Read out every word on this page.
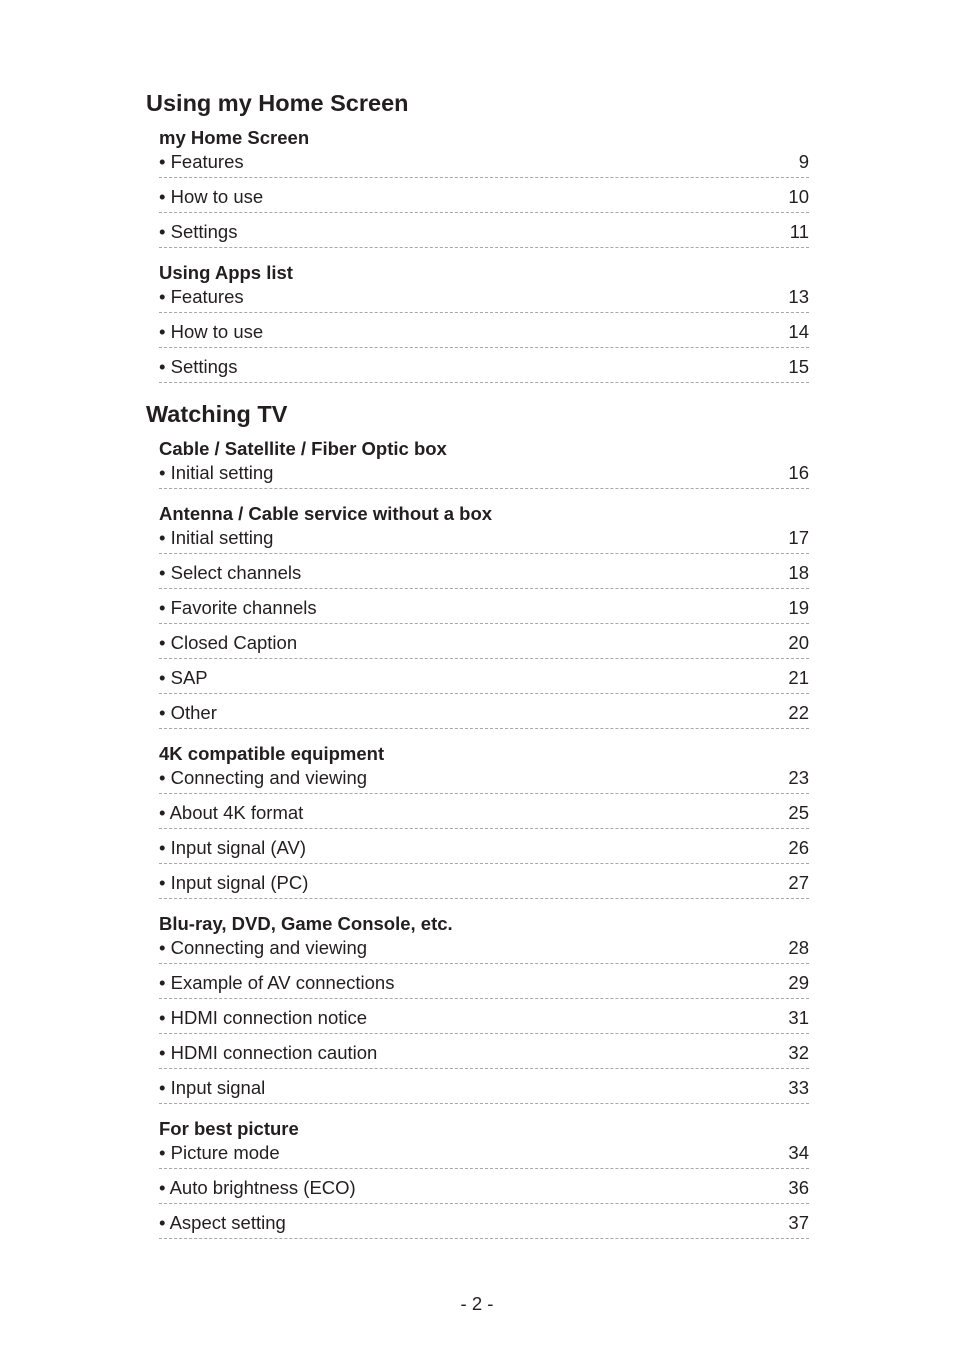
Using my Home Screen
my Home Screen
• Features	9
• How to use	10
• Settings	11
Using Apps list
• Features	13
• How to use	14
• Settings	15
Watching TV
Cable / Satellite / Fiber Optic box
• Initial setting	16
Antenna / Cable service without a box
• Initial setting	17
• Select channels	18
• Favorite channels	19
• Closed Caption	20
• SAP	21
• Other	22
4K compatible equipment
• Connecting and viewing	23
• About 4K format	25
• Input signal (AV)	26
• Input signal (PC)	27
Blu-ray, DVD, Game Console, etc.
• Connecting and viewing	28
• Example of AV connections	29
• HDMI connection notice	31
• HDMI connection caution	32
• Input signal	33
For best picture
• Picture mode	34
• Auto brightness (ECO)	36
• Aspect setting	37
- 2 -
